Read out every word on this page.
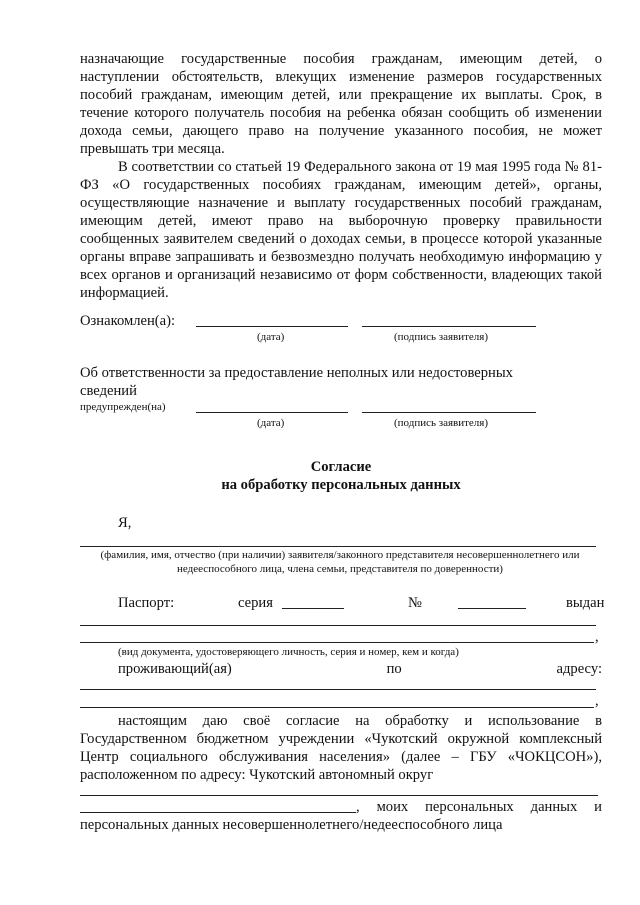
назначающие государственные пособия гражданам, имеющим детей, о наступлении обстоятельств, влекущих изменение размеров государственных пособий гражданам, имеющим детей, или прекращение их выплаты. Срок, в течение которого получатель пособия на ребенка обязан сообщить об изменении дохода семьи, дающего право на получение указанного пособия, не может превышать три месяца.

В соответствии со статьей 19 Федерального закона от 19 мая 1995 года № 81-ФЗ «О государственных пособиях гражданам, имеющим детей», органы, осуществляющие назначение и выплату государственных пособий гражданам, имеющим детей, имеют право на выборочную проверку правильности сообщенных заявителем сведений о доходах семьи, в процессе которой указанные органы вправе запрашивать и безвозмездно получать необходимую информацию у всех органов и организаций независимо от форм собственности, владеющих такой информацией.

Ознакомлен(а):
(дата)	(подпись заявителя)
Об ответственности за предоставление неполных или недостоверных
сведений
предупрежден(на)
(дата)	(подпись заявителя)
Согласие
на обработку персональных данных
Я,
(фамилия, имя, отчество (при наличии) заявителя/законного представителя несовершеннолетнего или недееспособного лица, члена семьи, представителя по доверенности)
Паспорт:	серия	№	выдан
,
(вид документа, удостоверяющего личность, серия и номер, кем и когда)
проживающий(ая)	по	адресу:
,

настоящим даю своё согласие на обработку и использование в Государственном бюджетном учреждении «Чукотский окружной комплексный Центр социального обслуживания населения» (далее – ГБУ «ЧОКЦСОН»), расположенном по адресу: Чукотский автономный округ

, моих персональных данных и
персональных данных несовершеннолетнего/недееспособного лица
